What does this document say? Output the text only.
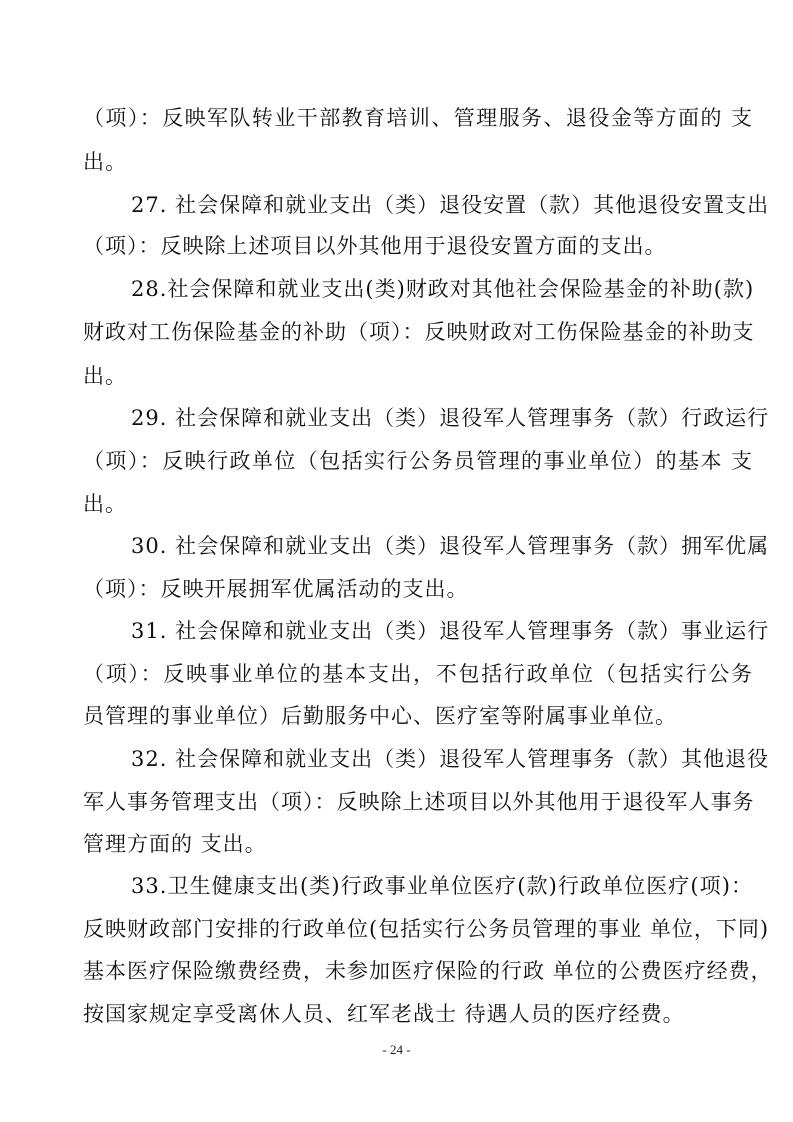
（项）：反映军队转业干部教育培训、管理服务、退役金等方面的 支
出。
27. 社会保障和就业支出（类）退役安置（款）其他退役安置支出
（项）：反映除上述项目以外其他用于退役安置方面的支出。
28.社会保障和就业支出(类)财政对其他社会保险基金的补助(款)
财政对工伤保险基金的补助（项）：反映财政对工伤保险基金的补助支
出。
29. 社会保障和就业支出（类）退役军人管理事务（款）行政运行
（项）：反映行政单位（包括实行公务员管理的事业单位）的基本 支
出。
30. 社会保障和就业支出（类）退役军人管理事务（款）拥军优属
（项）：反映开展拥军优属活动的支出。
31. 社会保障和就业支出（类）退役军人管理事务（款）事业运行
（项）：反映事业单位的基本支出，不包括行政单位（包括实行公务
员管理的事业单位）后勤服务中心、医疗室等附属事业单位。
32. 社会保障和就业支出（类）退役军人管理事务（款）其他退役
军人事务管理支出（项）：反映除上述项目以外其他用于退役军人事务
管理方面的 支出。
33.卫生健康支出(类)行政事业单位医疗(款)行政单位医疗(项)：
反映财政部门安排的行政单位(包括实行公务员管理的事业 单位，下同)
基本医疗保险缴费经费，未参加医疗保险的行政 单位的公费医疗经费，
按国家规定享受离休人员、红军老战士 待遇人员的医疗经费。
- 24 -
